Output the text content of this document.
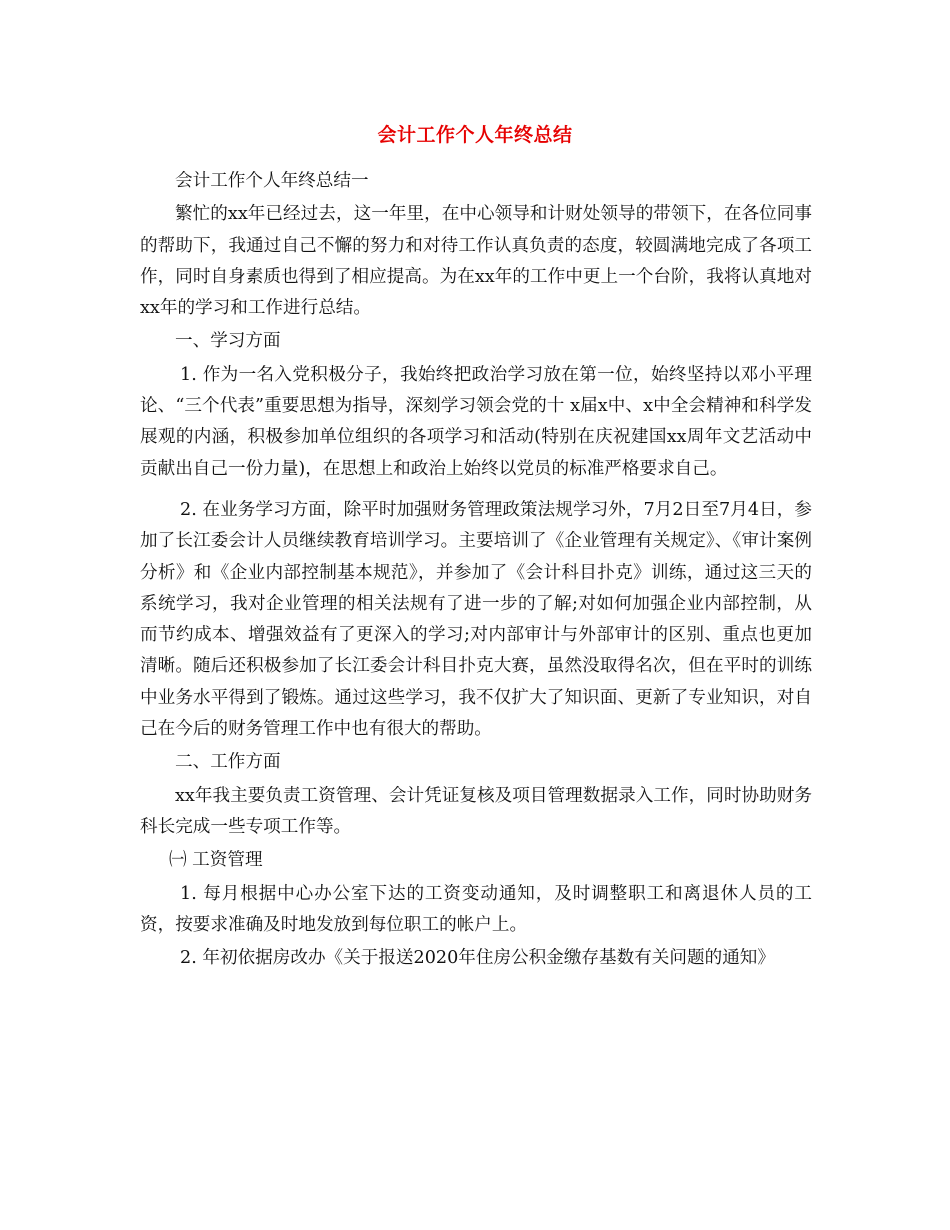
会计工作个人年终总结

会计工作个人年终总结一

繁忙的xx年已经过去，这一年里，在中心领导和计财处领导的带领下，在各位同事的帮助下，我通过自己不懈的努力和对待工作认真负责的态度，较圆满地完成了各项工作，同时自身素质也得到了相应提高。为在xx年的工作中更上一个台阶，我将认真地对xx年的学习和工作进行总结。

一、学习方面

1. 作为一名入党积极分子，我始终把政治学习放在第一位，始终坚持以邓小平理论、“三个代表”重要思想为指导，深刻学习领会党的十 x届x中、x中全会精神和科学发展观的内涵，积极参加单位组织的各项学习和活动(特别在庆祝建国xx周年文艺活动中贡献出自己一份力量)，在思想上和政治上始终以党员的标准严格要求自己。

2. 在业务学习方面，除平时加强财务管理政策法规学习外，7月2日至7月4日，参加了长江委会计人员继续教育培训学习。主要培训了《企业管理有关规定》、《审计案例分析》和《企业内部控制基本规范》，并参加了《会计科目扑克》训练，通过这三天的系统学习，我对企业管理的相关法规有了进一步的了解;对如何加强企业内部控制，从而节约成本、增强效益有了更深入的学习;对内部审计与外部审计的区别、重点也更加清晰。随后还积极参加了长江委会计科目扑克大赛，虽然没取得名次，但在平时的训练中业务水平得到了锻炼。通过这些学习，我不仅扩大了知识面、更新了专业知识，对自己在今后的财务管理工作中也有很大的帮助。

二、工作方面

xx年我主要负责工资管理、会计凭证复核及项目管理数据录入工作，同时协助财务科长完成一些专项工作等。

㈠ 工资管理

1. 每月根据中心办公室下达的工资变动通知，及时调整职工和离退休人员的工资，按要求准确及时地发放到每位职工的帐户上。

2. 年初依据房改办《关于报送2020年住房公积金缴存基数有关问题的通知》
